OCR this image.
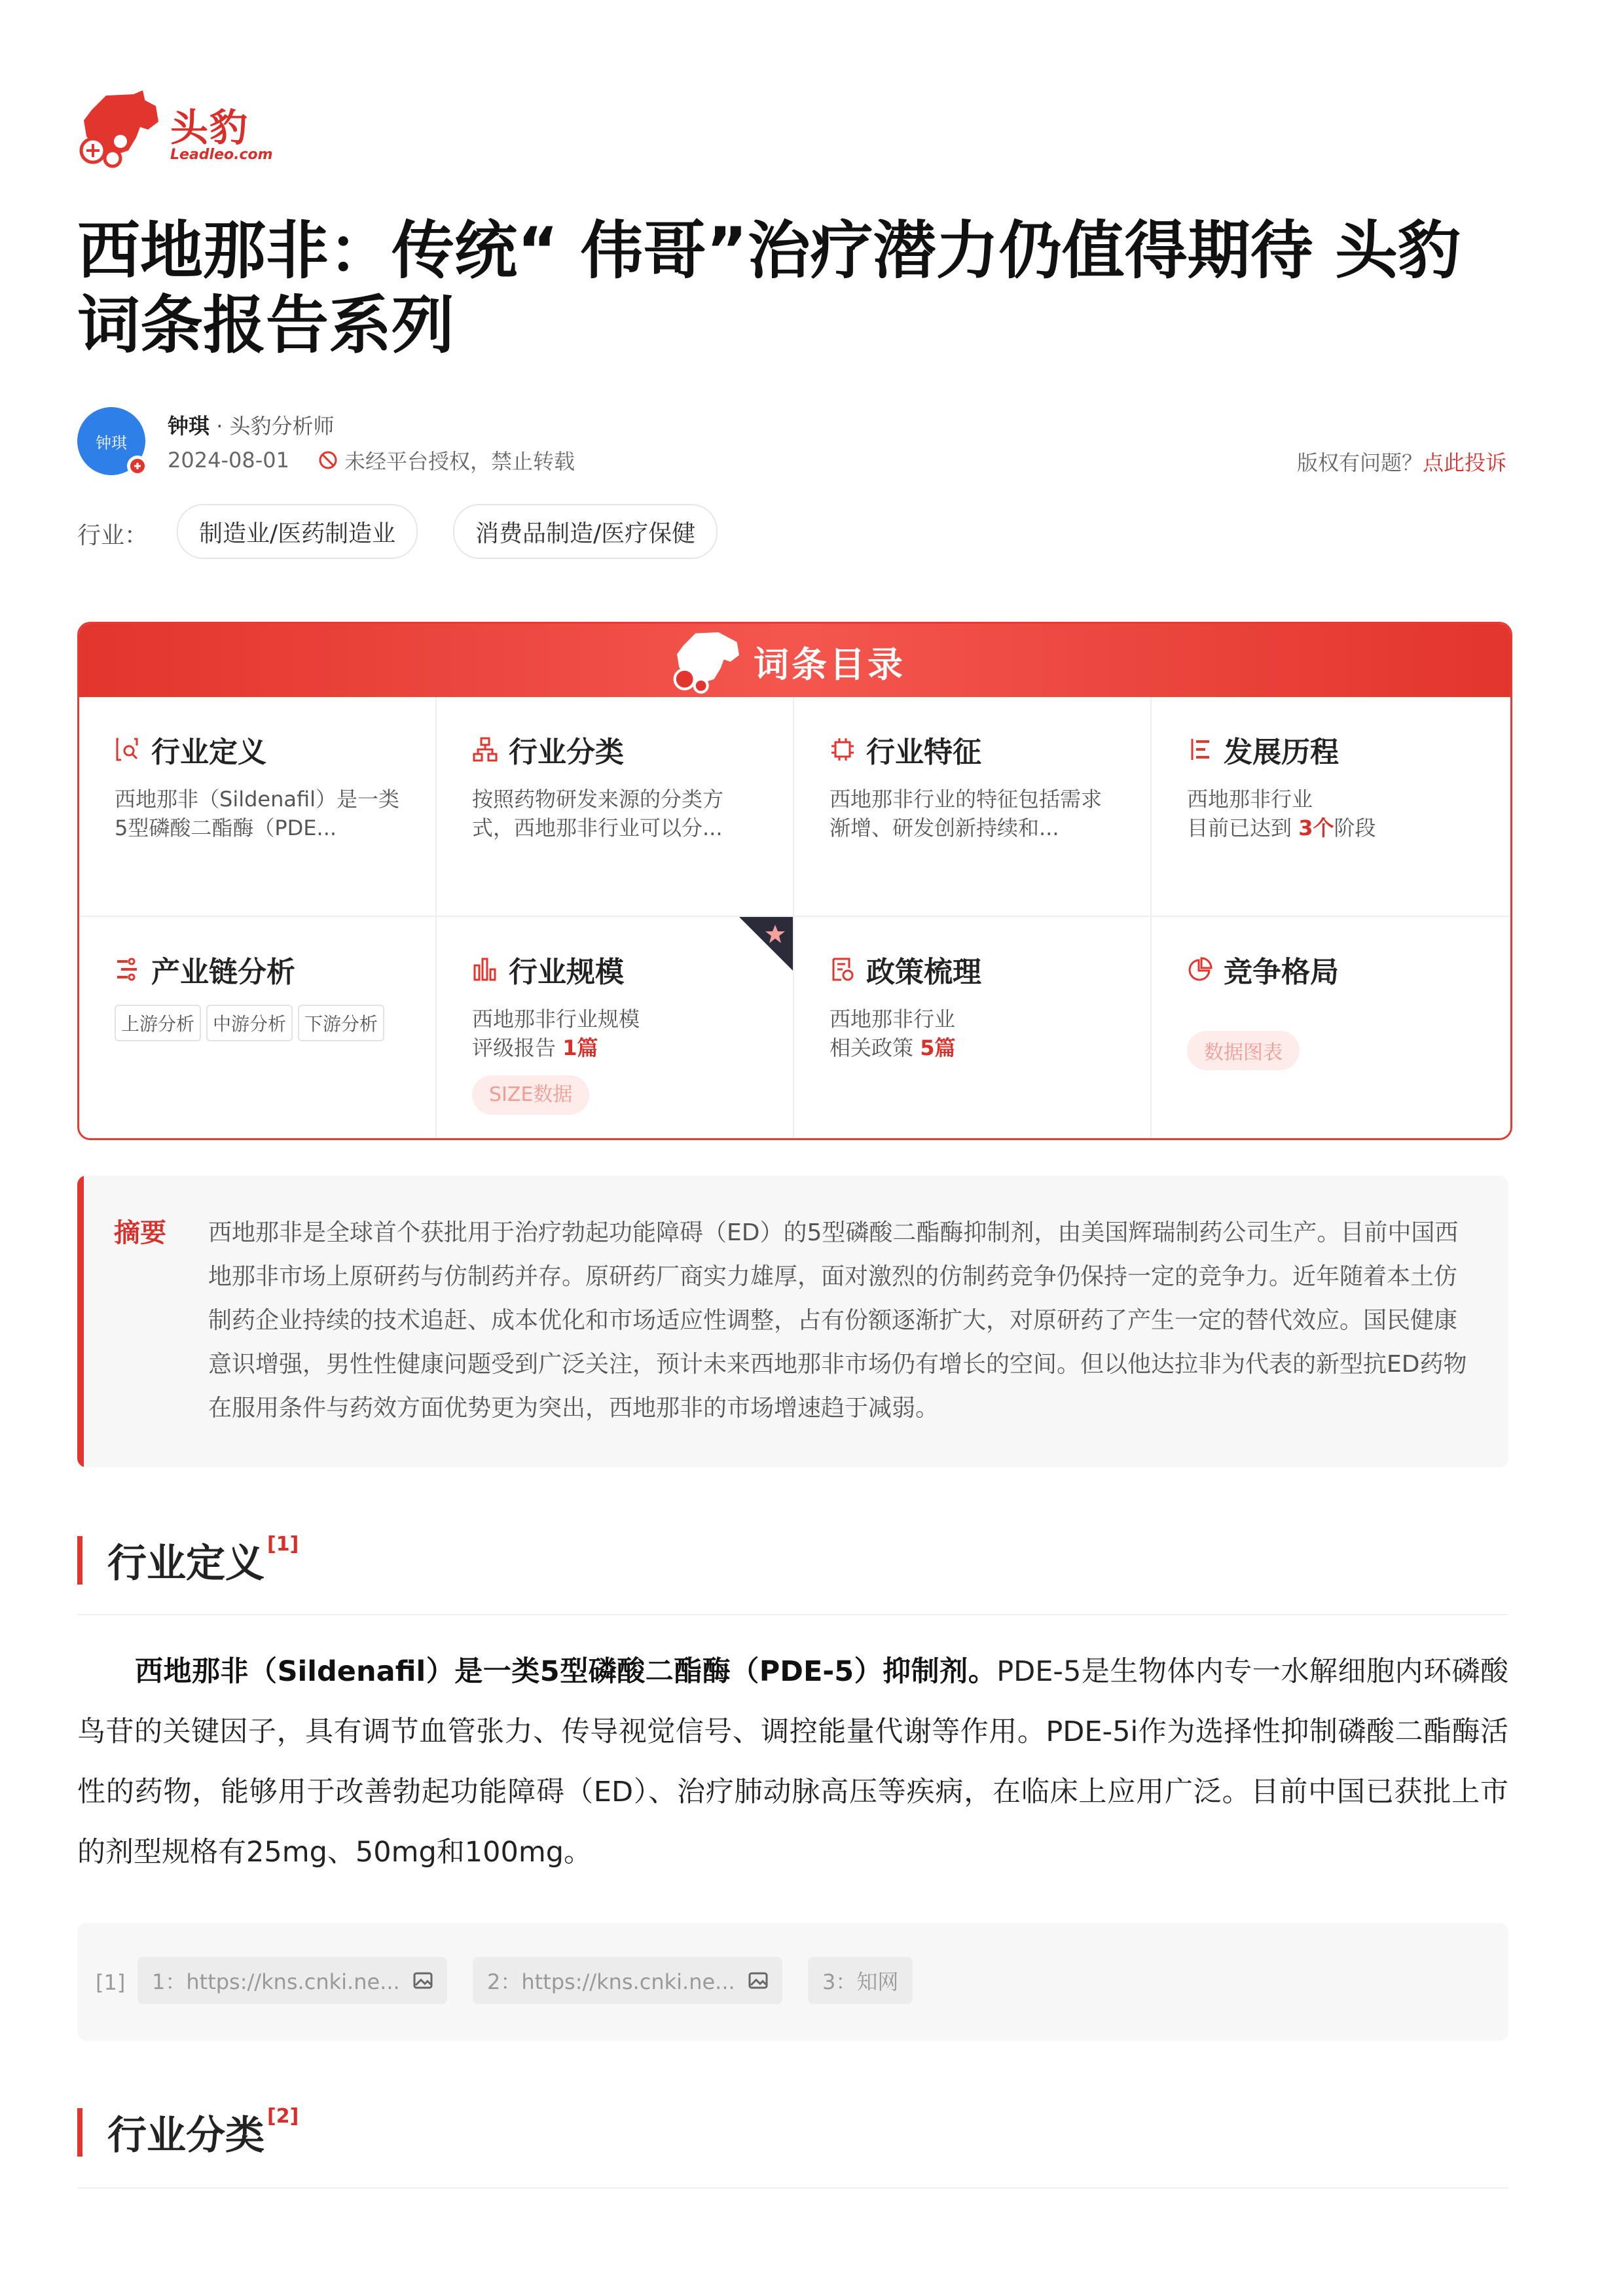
头豹
Leadleo.com
西地那非：传统“ 伟哥”治疗潜力仍值得期待 头豹词条报告系列
钟琪
钟琪 · 头豹分析师
2024-08-01	未经平台授权，禁止转载	版权有问题？点此投诉
行业：	制造业/医药制造业	消费品制造/医疗保健
词条目录
行业定义
西地那非（Sildenafil）是一类5型磷酸二酯酶（PDE...
行业分类
按照药物研发来源的分类方式，西地那非行业可以分...
行业特征
西地那非行业的特征包括需求渐增、研发创新持续和...
发展历程
西地那非行业
目前已达到 3个阶段
产业链分析
上游分析	中游分析	下游分析
行业规模
西地那非行业规模
评级报告 1篇
SIZE数据
政策梳理
西地那非行业
相关政策 5篇
竞争格局
数据图表
摘要 西地那非是全球首个获批用于治疗勃起功能障碍（ED）的5型磷酸二酯酶抑制剂，由美国辉瑞制药公司生产。目前中国西地那非市场上原研药与仿制药并存。原研药厂商实力雄厚，面对激烈的仿制药竞争仍保持一定的竞争力。近年随着本土仿制药企业持续的技术追赶、成本优化和市场适应性调整，占有份额逐渐扩大，对原研药了产生一定的替代效应。国民健康意识增强，男性性健康问题受到广泛关注，预计未来西地那非市场仍有增长的空间。但以他达拉非为代表的新型抗ED药物在服用条件与药效方面优势更为突出，西地那非的市场增速趋于减弱。
行业定义 [1]
西地那非（Sildenafil）是一类5型磷酸二酯酶（PDE-5）抑制剂。PDE-5是生物体内专一水解细胞内环磷酸鸟苷的关键因子，具有调节血管张力、传导视觉信号、调控能量代谢等作用。PDE-5i作为选择性抑制磷酸二酯酶活性的药物，能够用于改善勃起功能障碍（ED）、治疗肺动脉高压等疾病，在临床上应用广泛。目前中国已获批上市的剂型规格有25mg、50mg和100mg。
[1] 1：https://kns.cnki.ne...	2：https://kns.cnki.ne...	3：知网
行业分类 [2]
